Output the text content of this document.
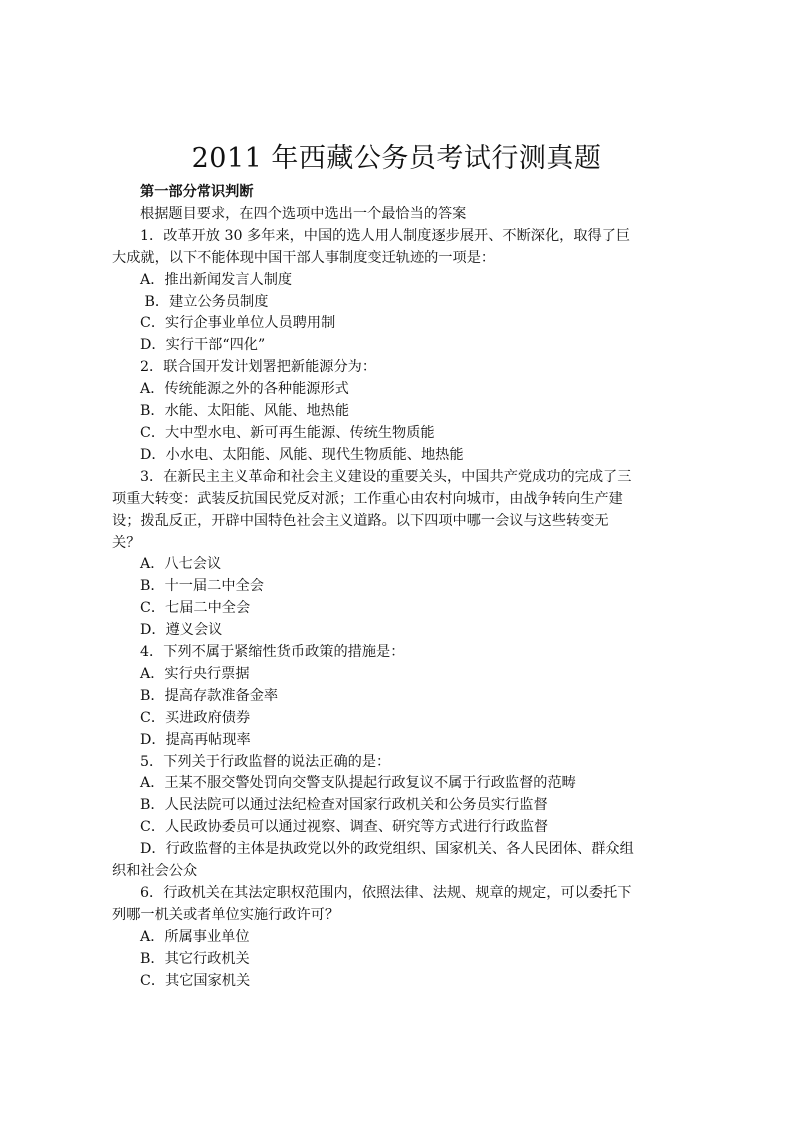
2011 年西藏公务员考试行测真题
第一部分常识判断
根据题目要求，在四个选项中选出一个最恰当的答案
1．改革开放 30 多年来，中国的选人用人制度逐步展开、不断深化，取得了巨
大成就，以下不能体现中国干部人事制度变迁轨迹的一项是：
A．推出新闻发言人制度
B．建立公务员制度
C．实行企事业单位人员聘用制
D．实行干部“四化”
2．联合国开发计划署把新能源分为：
A．传统能源之外的各种能源形式
B．水能、太阳能、风能、地热能
C．大中型水电、新可再生能源、传统生物质能
D．小水电、太阳能、风能、现代生物质能、地热能
3．在新民主主义革命和社会主义建设的重要关头，中国共产党成功的完成了三
项重大转变：武装反抗国民党反对派；工作重心由农村向城市，由战争转向生产建
设；拨乱反正，开辟中国特色社会主义道路。以下四项中哪一会议与这些转变无
关？
A．八七会议
B．十一届二中全会
C．七届二中全会
D．遵义会议
4．下列不属于紧缩性货币政策的措施是：
A．实行央行票据
B．提高存款准备金率
C．买进政府债券
D．提高再帖现率
5．下列关于行政监督的说法正确的是：
A．王某不服交警处罚向交警支队提起行政复议不属于行政监督的范畴
B．人民法院可以通过法纪检查对国家行政机关和公务员实行监督
C．人民政协委员可以通过视察、调查、研究等方式进行行政监督
D．行政监督的主体是执政党以外的政党组织、国家机关、各人民团体、群众组
织和社会公众
6．行政机关在其法定职权范围内，依照法律、法规、规章的规定，可以委托下
列哪一机关或者单位实施行政许可？
A．所属事业单位
B．其它行政机关
C．其它国家机关
